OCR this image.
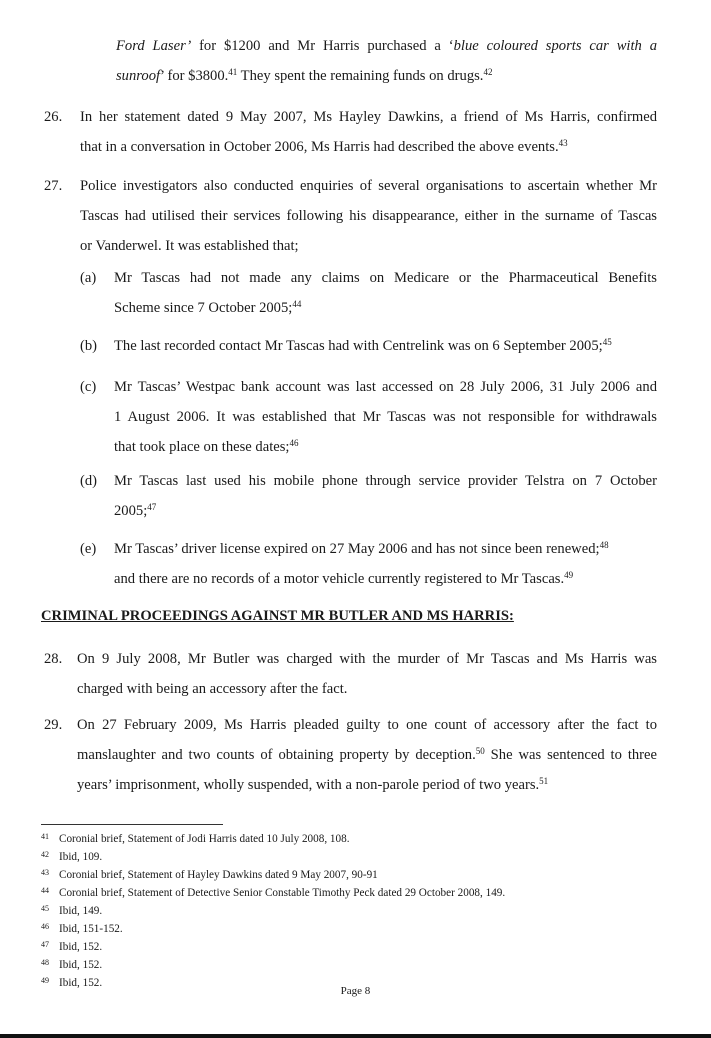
Ford Laser’ for $1200 and Mr Harris purchased a ‘blue coloured sports car with a
sunroof’ for $3800.41 They spent the remaining funds on drugs.$^{42}$
26. In her statement dated 9 May 2007, Ms Hayley Dawkins, a friend of Ms Harris, confirmed
that in a conversation in October 2006, Ms Harris had described the above events.$^{43}$
27. Police investigators also conducted enquiries of several organisations to ascertain whether Mr
Tascas had utilised their services following his disappearance, either in the surname of Tascas
or Vanderwel. It was established that;
(a) Mr Tascas had not made any claims on Medicare or the Pharmaceutical Benefits
Scheme since 7 October 2005;$^{44}$
(b) The last recorded contact Mr Tascas had with Centrelink was on 6 September 2005;$^{45}$
(c) Mr Tascas’ Westpac bank account was last accessed on 28 July 2006, 31 July 2006 and
1 August 2006. It was established that Mr Tascas was not responsible for withdrawals
that took place on these dates;$^{46}$
(d) Mr Tascas last used his mobile phone through service provider Telstra on 7 October
2005;$^{47}$
(e) Mr Tascas’ driver license expired on 27 May 2006 and has not since been renewed;$^{48}$
and there are no records of a motor vehicle currently registered to Mr Tascas.$^{49}$
CRIMINAL PROCEEDINGS AGAINST MR BUTLER AND MS HARRIS:
28. On 9 July 2008, Mr Butler was charged with the murder of Mr Tascas and Ms Harris was
charged with being an accessory after the fact.
29. On 27 February 2009, Ms Harris pleaded guilty to one count of accessory after the fact to
manslaughter and two counts of obtaining property by deception.$^{50}$ She was sentenced to three
years’ imprisonment, wholly suspended, with a non-parole period of two years.$^{51}$
41 Coronial brief, Statement of Jodi Harris dated 10 July 2008, 108.
42 Ibid, 109.
43 Coronial brief, Statement of Hayley Dawkins dated 9 May 2007, 90-91
44 Coronial brief, Statement of Detective Senior Constable Timothy Peck dated 29 October 2008, 149.
45 Ibid, 149.
46 Ibid, 151-152.
47 Ibid, 152.
48 Ibid, 152.
49 Ibid, 152.
Page 8
